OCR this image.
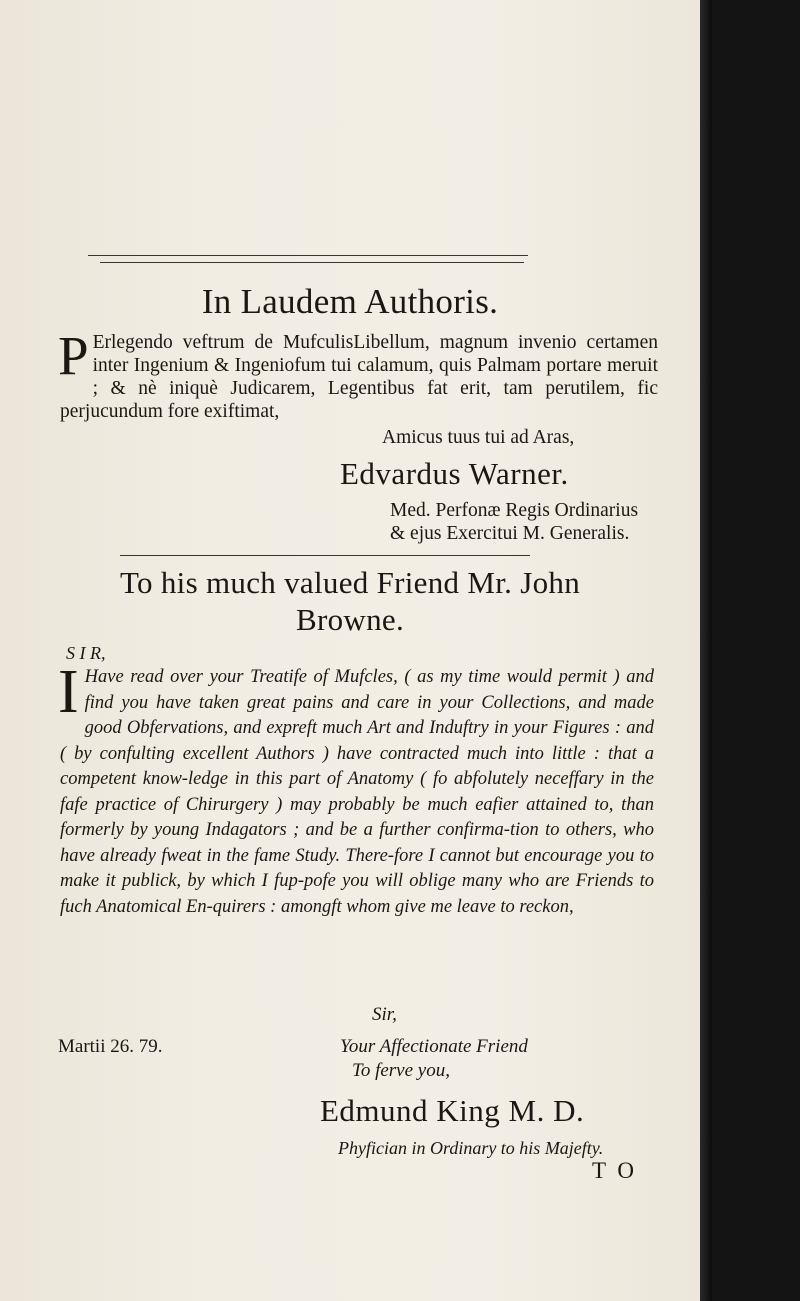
In Laudem Authoris.

P Erlegendo veftrum de MufculisLibellum, magnum invenio certamen inter Ingenium & Ingeniofum tui calamum, quis Palmam portare meruit ; & nè iniquè Judicarem, Legentibus fat erit, tam perutilem, fic perjucundum fore exiftimat,

Amicus tuus tui ad Aras,
Edvardus Warner.
Med. Perfonæ Regis Ordinarius
& ejus Exercitui M. Generalis.
To his much valued Friend Mr. John
Browne.
S I R,

I Have read over your Treatife of Mufcles, ( as my time would permit ) and find you have taken great pains and care in your Collections, and made good Obfervations, and expreft much Art and Induftry in your Figures : and ( by confulting excellent Authors ) have contracted much into little : that a competent know-ledge in this part of Anatomy ( fo abfolutely neceffary in the fafe practice of Chirurgery ) may probably be much eafier attained to, than formerly by young Indagators ; and be a further confirma-tion to others, who have already fweat in the fame Study. There-fore I cannot but encourage you to make it publick, by which I fup-pofe you will oblige many who are Friends to fuch Anatomical En-quirers : amongft whom give me leave to reckon,

Sir,
Martii 26. 79.	Your Affectionate Friend
To ferve you,
Edmund King M. D.
Phyfician in Ordinary to his Majefty.
T O
